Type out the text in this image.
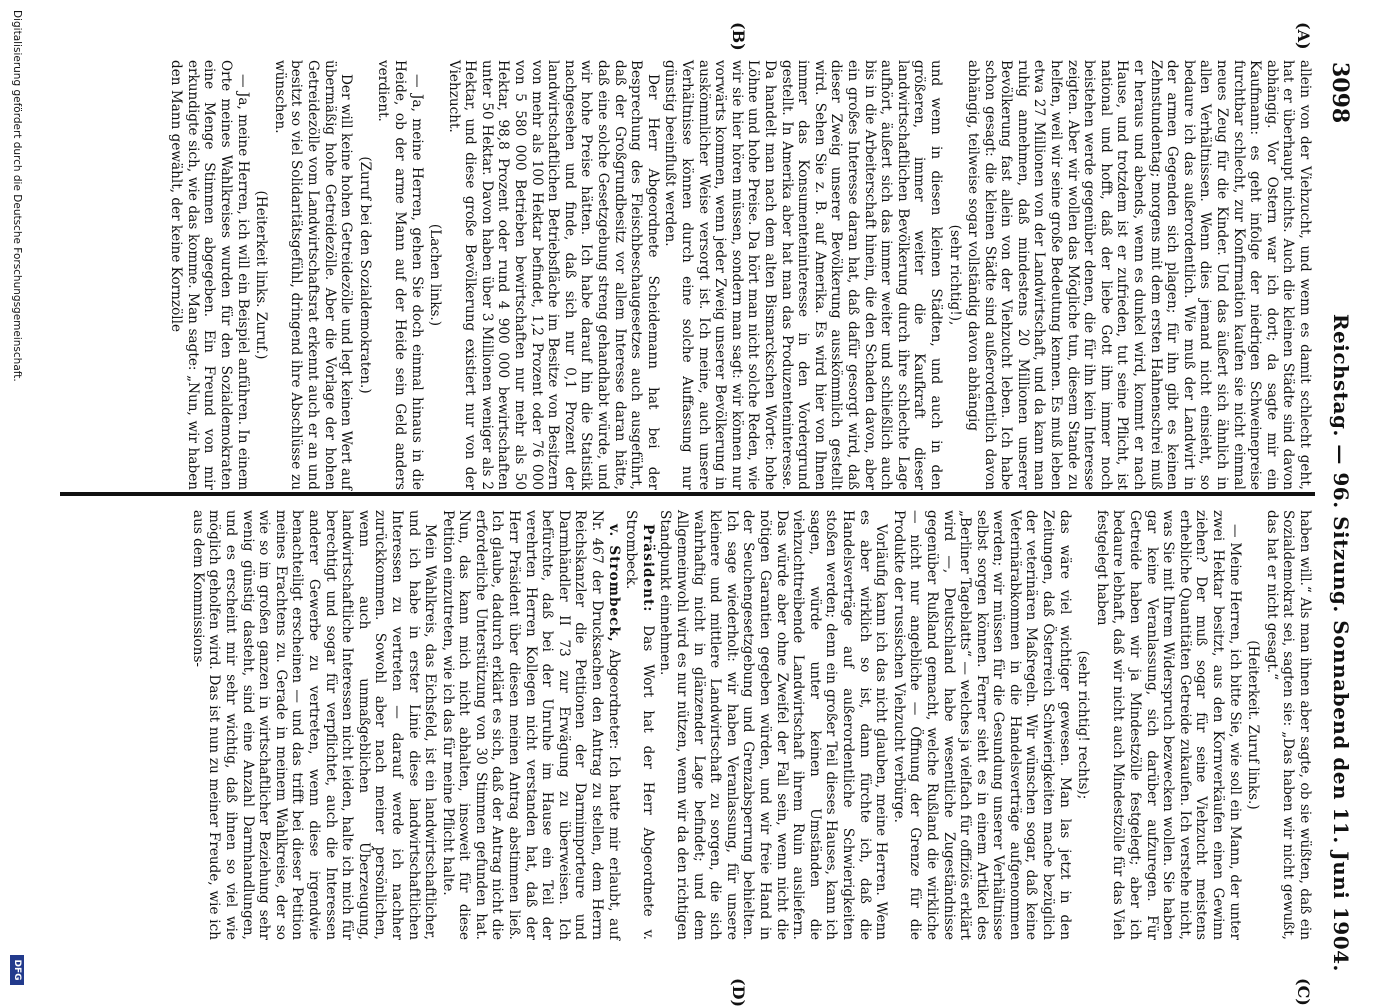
3098
Reichstag. — 96. Sitzung. Sonnabend den 11. Juni 1904.
(A)
(B)
(C)
(D)

allein von der Viehzucht, und wenn es damit schlecht geht, hat er überhaupt nichts. Auch die kleinen Städte sind davon abhängig. Vor Ostern war ich dort; da sagte mir ein Kaufmann: es geht infolge der niedrigen Schweinepreise furchtbar schlecht, zur Konfirmation kaufen sie nicht einmal neues Zeug für die Kinder. Und das äußert sich ähnlich in allen Verhältnissen. Wenn dies jemand nicht einsieht, so bedaure ich das außerordentlich. Wie muß der Landwirt in der armen Gegenden sich plagen; für ihn gibt es keinen Zehnstundentag; morgens mit dem ersten Hahnenschrei muß er heraus und abends, wenn es dunkel wird, kommt er nach Hause, und trotzdem ist er zufrieden, tut seine Pflicht, ist national und hofft, daß der liebe Gott ihm immer noch beistehen werde gegenüber denen, die für ihn kein Interesse zeigten. Aber wir wollen das Mögliche tun, diesem Stande zu helfen, weil wir seine große Bedeutung kennen. Es muß leben etwa 27 Millionen von der Landwirtschaft, und da kann man ruhig annehmen, daß mindestens 20 Millionen unserer Bevölkerung fast allein von der Viehzucht leben. Ich habe schon gesagt: die kleinen Städte sind außerordentlich davon abhängig, teilweise sogar vollständig davon abhängig

(sehr richtig!),

und wenn in diesen kleinen Städten, und auch in den größeren, immer weiter die Kaufkraft dieser landwirtschaftlichen Bevölkerung durch ihre schlechte Lage aufhört, äußert sich das immer weiter und schließlich auch bis in die Arbeiterschaft hinein, die den Schaden davon, aber ein großes Interesse daran hat, daß dafür gesorgt wird, daß dieser Zweig unserer Bevölkerung ausskömmlich gestellt wird. Sehen Sie z. B. auf Amerika. Es wird hier von Ihnen immer das Konsumenteninteresse in den Vordergrund gestellt. In Amerika aber hat man das Produzenteninteresse. Da handelt man nach dem alten Bismarckschen Worte: hohe Löhne und hohe Preise. Da hört man nicht solche Reden, wie wir sie hier hören müssen, sondern man sagt: wir können nur vorwärts kommen, wenn jeder Zweig unserer Bevölkerung in auskömmlicher Weise versorgt ist. Ich meine, auch unsere Verhältnisse können durch eine solche Auffassung nur günstig beeinflußt werden.

Der Herr Abgeordnete Scheidemann hat bei der Besprechung des Fleischbeschaugesetzes auch ausgeführt, daß der Großgrundbesitz vor allem Interesse daran hätte, daß eine solche Gesetzgebung streng gehandhabt würde, und wir hohe Preise hätten. Ich habe darauf hin die Statistik nachgesehen und finde, daß sich nur 0,1 Prozent der landwirtschaftlichen Betriebsfläche im Besitze von Besitzern von mehr als 100 Hektar befindet, 1,2 Prozent oder 76 000 von 5 580 000 Betrieben bewirtschaften nur mehr als 50 Hektar, 98,8 Prozent oder rund 4 900 000 bewirtschaften unter 50 Hektar. Davon haben über 3 Millionen weniger als 2 Hektar, und diese große Bevölkerung existiert nur von der Viehzucht.

(Lachen links.)

— Ja, meine Herren, gehen Sie doch einmal hinaus in die Heide, ob der arme Mann auf der Heide sein Geld anders verdient.

(Zuruf bei den Sozialdemokraten.)

Der will keine hohen Getreidezölle und legt keinen Wert auf übermäßig hohe Getreidezölle. Aber die Vorlage der hohen Getreidezölle vom Landwirtschaftsrat erkennt auch er an und besitzt so viel Solidaritätsgefühl, dringend ihre Abschlüsse zu wünschen.

(Heiterkeit links. Zuruf.)

— Ja, meine Herren, ich will ein Beispiel anführen. In einem Orte meines Wahlkreises wurden für den Sozialdemokraten eine Menge Stimmen abgegeben. Ein Freund von mir erkundigte sich, wie das komme. Man sagte: „Nun, wir haben den Mann gewählt, der keine Kornzölle

haben will.“ Als man ihnen aber sagte, ob sie wüßten, daß ein Sozialdemokrat sei, sagten sie: „Das haben wir nicht gewußt, das hat er nicht gesagt.“

(Heiterkeit. Zuruf links.)

— Meine Herren, ich bitte Sie, wie soll ein Mann, der unter zwei Hektar besitzt, aus den Kornverkäufen einen Gewinn ziehen? Der muß sogar für seine Viehzucht meistens erhebliche Quantitäten Getreide zukaufen. Ich verstehe nicht, was Sie mit Ihrem Widerspruch bezwecken wollen. Sie haben gar keine Veranlassung, sich darüber aufzuregen. Für Getreide haben wir ja Mindestzölle festgelegt; aber ich bedaure lebhaft, daß wir nicht auch Mindestzölle für das Vieh festgelegt haben

(sehr richtig! rechts);

das wäre viel wichtiger gewesen. Man las jetzt in den Zeitungen, daß Österreich Schwierigkeiten mache bezüglich der veterinären Maßregeln. Wir wünschen sogar, daß keine Veterinärabkommen in die Handelsverträge aufgenommen werden; wir müssen für die Gesundung unserer Verhältnisse selbst sorgen können. Ferner sieht es in einem Artikel des „Berliner Tageblatts“ — welches ja vielfach für offiziös erklärt wird —, Deutschland habe wesentliche Zugeständnisse gegenüber Rußland gemacht, welche Rußland die wirkliche — nicht nur angebliche — Öffnung der Grenze für die Produkte der russischen Viehzucht verbürge.

Vorläufig kann ich das nicht glauben, meine Herren. Wenn es aber wirklich so ist, dann fürchte ich, daß die Handelsverträge auf außerordentliche Schwierigkeiten stoßen werden; denn ein großer Teil dieses Hauses, kann ich sagen, würde unter keinen Umständen die viehzuchttreibende Landwirtschaft ihrem Ruin ausliefern. Das würde aber ohne Zweifel der Fall sein, wenn nicht die nötigen Garantien gegeben würden, und wir freie Hand in der Seuchengesetzgebung und Grenzabsperrung behielten. Ich sage wiederholt: wir haben Veranlassung, für unsere kleinere und mittlere Landwirtschaft zu sorgen, die sich wahrhaftig nicht in glänzender Lage befindet; und dem Allgemeinwohl wird es nur nützen, wenn wir da den richtigen Standpunkt einnehmen.

Präsident: Das Wort hat der Herr Abgeordnete v. Strombeck.

v. Strombeck, Abgeordneter: Ich hatte mir erlaubt, auf Nr. 467 der Drucksachen den Antrag zu stellen, dem Herrn Reichskanzler die Petitionen der Darmimporteure und Darmhändler II 73 zur Erwägung zu überweisen. Ich befürchte, daß bei der Unruhe im Hause ein Teil der verehrten Herren Kollegen nicht verstanden hat, daß der Herr Präsident über diesen meinen Antrag abstimmen ließ. Ich glaube, dadurch erklärt es sich, daß der Antrag nicht die erforderliche Unterstützung von 30 Stimmen gefunden hat. Nun, das kann mich nicht abhalten, insoweit für diese Petition einzutreten, wie ich das für meine Pflicht halte.

Mein Wahlkreis, das Eichsfeld, ist ein landwirtschaftlicher, und ich habe in erster Linie diese landwirtschaftlichen Interessen zu vertreten — darauf werde ich nachher zurückkommen. Sowohl aber nach meiner persönlichen, wenn auch unmaßgeblichen Überzeugung, landwirtschaftliche Interessen nicht leiden, halte ich mich für berechtigt und sogar für verpflichtet, auch die Interessen anderer Gewerbe zu vertreten, wenn diese irgendwie benachteiligt erscheinen — und das trifft bei dieser Petition meines Erachtens zu. Gerade in meinem Wahlkreise, der so wie so im großen ganzen in wirtschaftlicher Beziehung sehr wenig günstig dasteht, sind eine Anzahl Darmhandlungen, und es erscheint mir sehr wichtig, daß ihnen so viel wie möglich geholfen wird. Das ist nun zu meiner Freude, wie ich aus dem Kommissions-

Digitalisierung gefördert durch die Deutsche Forschungsgemeinschaft.
DFG
